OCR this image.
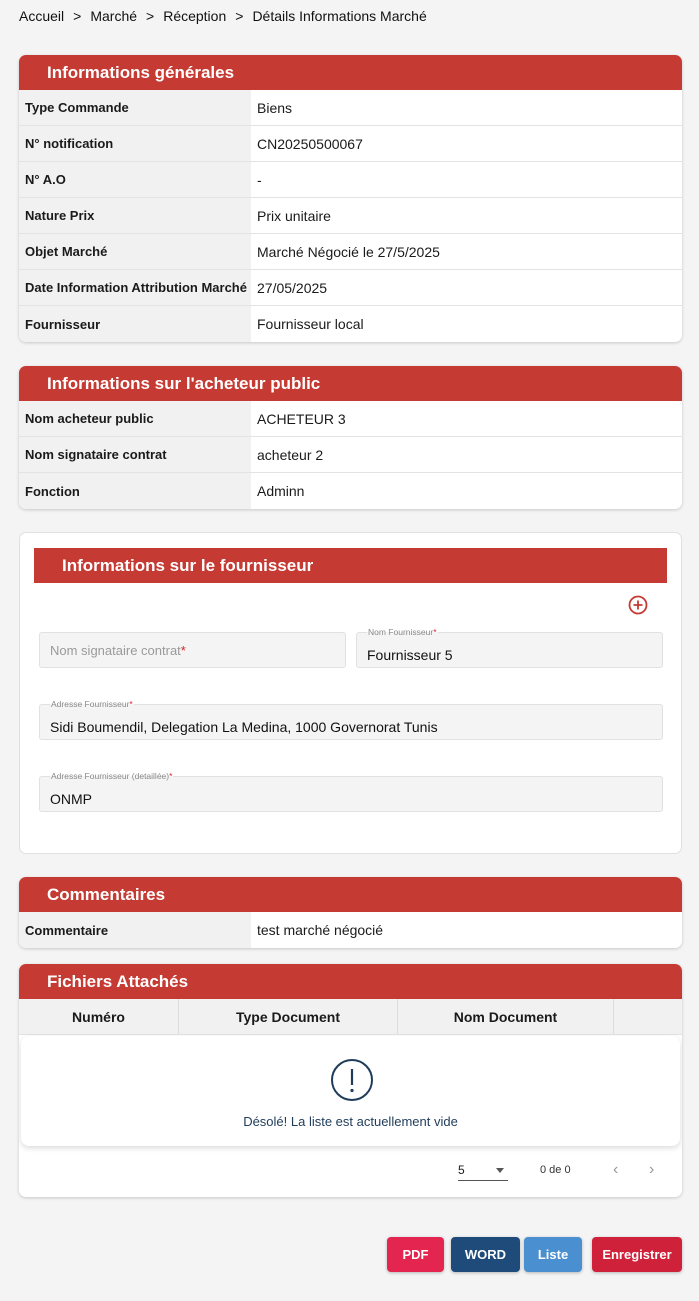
Accueil > Marché > Réception > Détails Informations Marché
Informations générales
Type Commande	Biens
N° notification	CN20250500067
N° A.O	-
Nature Prix	Prix unitaire
Objet Marché	Marché Négocié le 27/5/2025
Date Information Attribution Marché 27/05/2025
Fournisseur	Fournisseur local
Informations sur l'acheteur public
Nom acheteur public	ACHETEUR 3
Nom signataire contrat	acheteur 2
Fonction	Adminn
Informations sur le fournisseur
Nom signataire contrat*
Nom Fournisseur*
Fournisseur 5
Adresse Fournisseur*
Sidi Boumendil, Delegation La Medina, 1000 Governorat Tunis
Adresse Fournisseur (detaillée)*
ONMP
Commentaires
Commentaire	test marché négocié
Fichiers Attachés
Numéro	Type Document	Nom Document
Désolé! La liste est actuellement vide
5	0 de 0	‹ ›
PDF	WORD	Liste	Enregistrer
